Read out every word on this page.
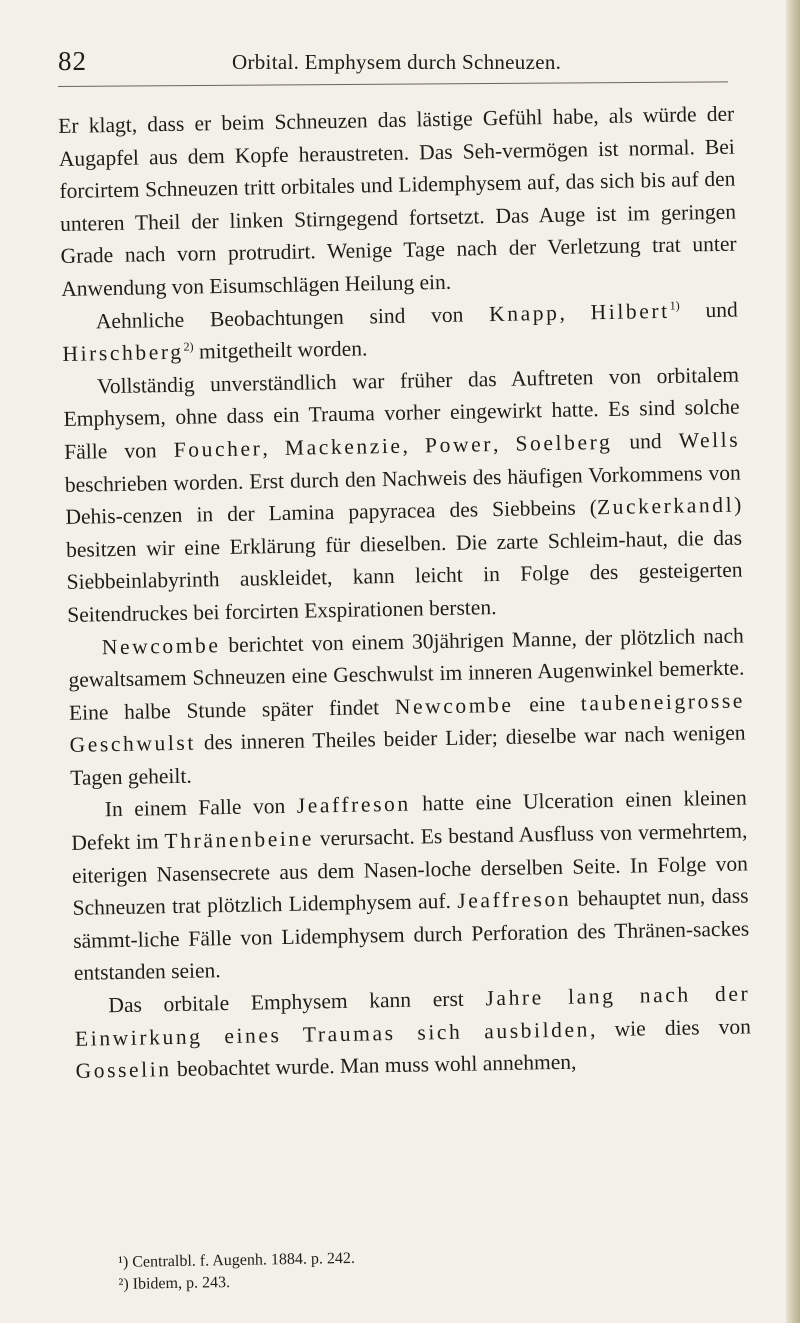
82	Orbital. Emphysem durch Schneuzen.

Er klagt, dass er beim Schneuzen das lästige Gefühl habe, als würde der Augapfel aus dem Kopfe heraustreten. Das Seh-vermögen ist normal. Bei forcirtem Schneuzen tritt orbitales und Lidemphysem auf, das sich bis auf den unteren Theil der linken Stirngegend fortsetzt. Das Auge ist im geringen Grade nach vorn protrudirt. Wenige Tage nach der Verletzung trat unter Anwendung von Eisumschlägen Heilung ein.

Aehnliche Beobachtungen sind von Knapp, Hilbert$^{1)}$ und Hirschberg$^{2)}$ mitgetheilt worden.

Vollständig unverständlich war früher das Auftreten von orbitalem Emphysem, ohne dass ein Trauma vorher eingewirkt hatte. Es sind solche Fälle von Foucher, Mackenzie, Power, Soelberg und Wells beschrieben worden. Erst durch den Nachweis des häufigen Vorkommens von Dehis-cenzen in der Lamina papyracea des Siebbeins (Zuckerkandl) besitzen wir eine Erklärung für dieselben. Die zarte Schleim-haut, die das Siebbeinlabyrinth auskleidet, kann leicht in Folge des gesteigerten Seitendruckes bei forcirten Exspirationen bersten.

Newcombe berichtet von einem 30jährigen Manne, der plötzlich nach gewaltsamem Schneuzen eine Geschwulst im inneren Augenwinkel bemerkte. Eine halbe Stunde später findet Newcombe eine taubeneigrosse Geschwulst des inneren Theiles beider Lider; dieselbe war nach wenigen Tagen geheilt.

In einem Falle von Jeaffreson hatte eine Ulceration einen kleinen Defekt im Thränenbeine verursacht. Es bestand Ausfluss von vermehrtem, eiterigen Nasensecrete aus dem Nasen-loche derselben Seite. In Folge von Schneuzen trat plötzlich Lidemphysem auf. Jeaffreson behauptet nun, dass sämmt-liche Fälle von Lidemphysem durch Perforation des Thränen-sackes entstanden seien.

Das orbitale Emphysem kann erst Jahre lang nach der Einwirkung eines Traumas sich ausbilden, wie dies von Gosselin beobachtet wurde. Man muss wohl annehmen,

¹) Centralbl. f. Augenh. 1884. p. 242.
²) Ibidem, p. 243.
